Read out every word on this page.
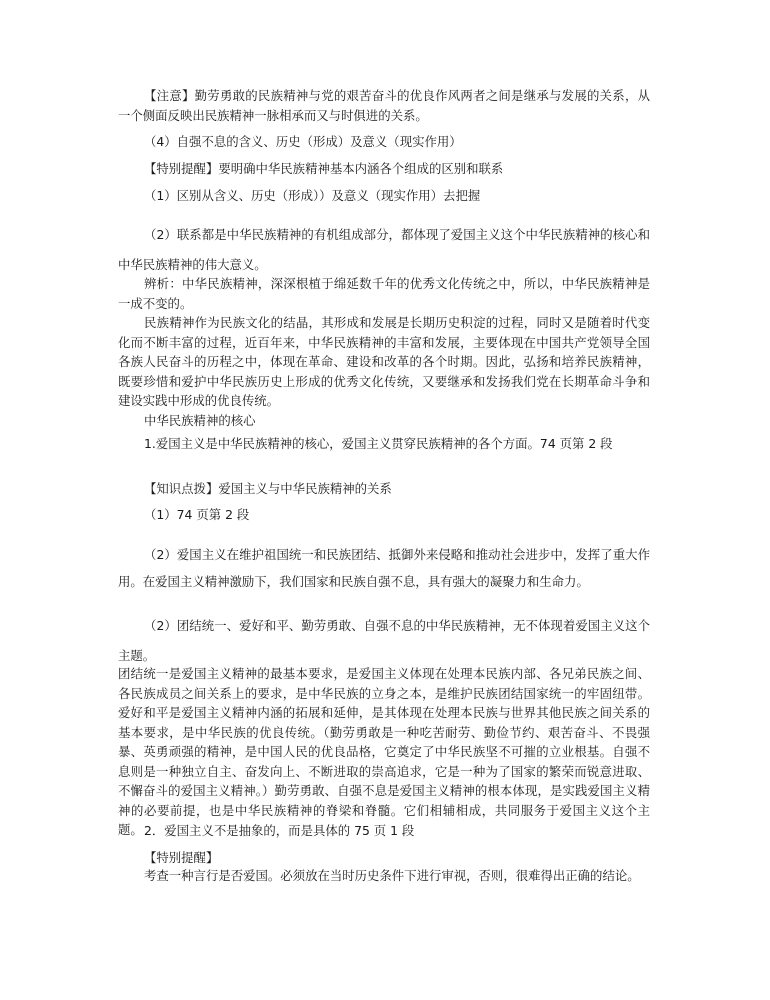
【注意】勤劳勇敢的民族精神与党的艰苦奋斗的优良作风两者之间是继承与发展的关系，从一个侧面反映出民族精神一脉相承而又与时俱进的关系。

（4）自强不息的含义、历史（形成）及意义（现实作用）

【特别提醒】要明确中华民族精神基本内涵各个组成的区别和联系

（1）区别从含义、历史（形成））及意义（现实作用）去把握

（2）联系都是中华民族精神的有机组成部分，都体现了爱国主义这个中华民族精神的核心和中华民族精神的伟大意义。

辨析：中华民族精神，深深根植于绵延数千年的优秀文化传统之中，所以，中华民族精神是一成不变的。

民族精神作为民族文化的结晶，其形成和发展是长期历史积淀的过程，同时又是随着时代变化而不断丰富的过程，近百年来，中华民族精神的丰富和发展，主要体现在中国共产党领导全国各族人民奋斗的历程之中，体现在革命、建设和改革的各个时期。因此，弘扬和培养民族精神，既要珍惜和爱护中华民族历史上形成的优秀文化传统，又要继承和发扬我们党在长期革命斗争和建设实践中形成的优良传统。

中华民族精神的核心

1.爱国主义是中华民族精神的核心，爱国主义贯穿民族精神的各个方面。74 页第 2 段

【知识点拨】爱国主义与中华民族精神的关系

（1）74 页第 2 段

（2）爱国主义在维护祖国统一和民族团结、抵御外来侵略和推动社会进步中，发挥了重大作用。在爱国主义精神激励下，我们国家和民族自强不息，具有强大的凝聚力和生命力。

（2）团结统一、爱好和平、勤劳勇敢、自强不息的中华民族精神，无不体现着爱国主义这个主题。

团结统一是爱国主义精神的最基本要求，是爱国主义体现在处理本民族内部、各兄弟民族之间、各民族成员之间关系上的要求，是中华民族的立身之本，是维护民族团结国家统一的牢固纽带。爱好和平是爱国主义精神内涵的拓展和延伸，是其体现在处理本民族与世界其他民族之间关系的基本要求，是中华民族的优良传统。（勤劳勇敢是一种吃苦耐劳、勤俭节约、艰苦奋斗、不畏强暴、英勇顽强的精神，是中国人民的优良品格，它奠定了中华民族坚不可摧的立业根基。自强不息则是一种独立自主、奋发向上、不断进取的崇高追求，它是一种为了国家的繁荣而锐意进取、不懈奋斗的爱国主义精神。）勤劳勇敢、自强不息是爱国主义精神的根本体现，是实践爱国主义精神的必要前提，也是中华民族精神的脊梁和脊髓。它们相辅相成，共同服务于爱国主义这个主题。 2．爱国主义不是抽象的，而是具体的 75 页 1 段

【特别提醒】

考查一种言行是否爱国。必须放在当时历史条件下进行审视，否则，很难得出正确的结论。
